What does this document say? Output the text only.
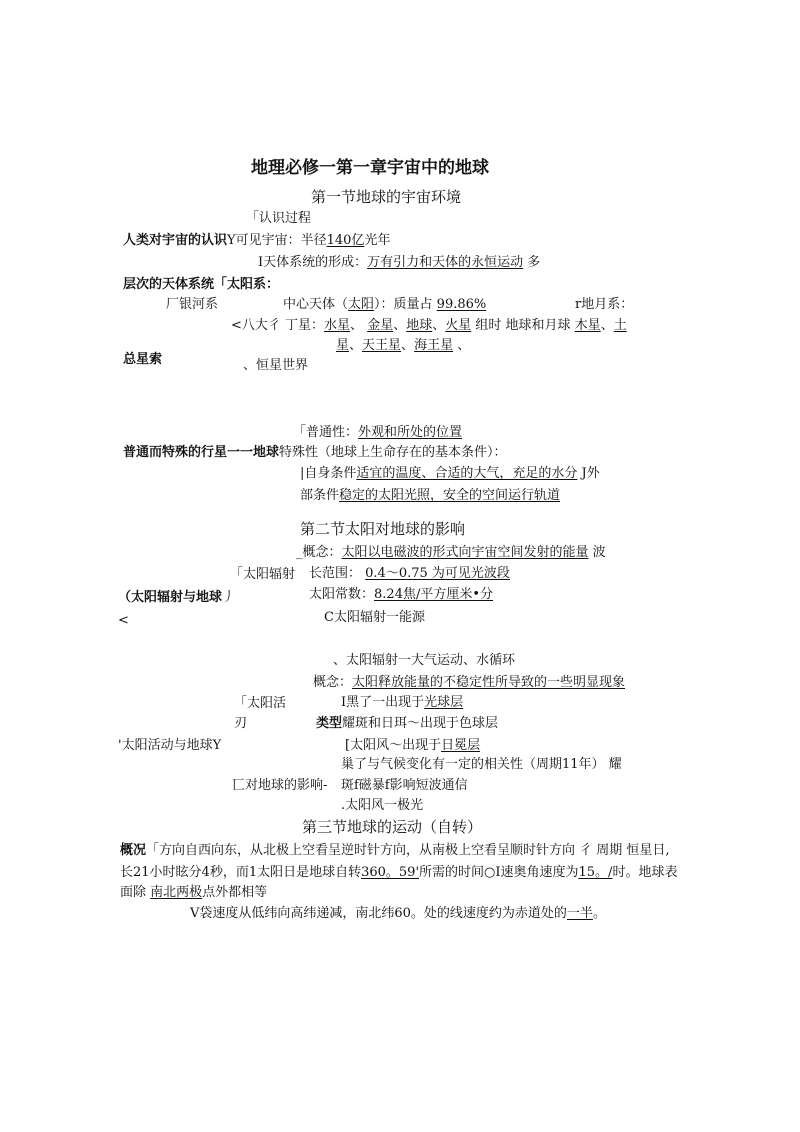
地理必修一第一章宇宙中的地球
第一节地球的宇宙环境
「认识过程
人类对宇宙的认识Y可见宇宙：半径140亿光年
I天体系统的形成：万有引力和天体的永恒运动 多
层次的天体系统「太阳系：
厂银河系	中心天体（太阳）：质量占 99.86%	r地月系：
<八大彳 丁星：水星、 金星、地球、火星 组时 地球和月球 木星、土
星、天王星、海王星 、
总星索	、恒星世界
「普通性：外观和所处的位置
普通而特殊的行星一一地球特殊性（地球上生命存在的基本条件）：
|自身条件适宜的温度、合适的大气，充足的水分 J外
部条件稳定的太阳光照，安全的空间运行轨道
第二节太阳对地球的影响
_概念：太阳以电磁波的形式向宇宙空间发射的能量 波
「太阳辐射 长范围： 0.4～0.75 为可见光波段
（太阳辐射与地球丿	太阳常数：8.24焦/平方厘米•分
<	C太阳辐射一能源
、太阳辐射一大气运动、水循环
概念：太阳释放能量的不稳定性所导致的一些明显现象
「太阳活	I黑了一出现于光球层
刃	类型耀斑和日珥～出现于色球层
'太阳活动与地球Y	[太阳风～出现于日冕层
巢了与气候变化有一定的相关性（周期11年） 耀
匸对地球的影响- 斑f磁暴f影响短波通信
.太阳风一极光
第三节地球的运动（自转）
概况「方向自西向东，从北极上空看呈逆时针方向，从南极上空看呈顺时针方向 彳 周期 恒星日,
长21小时眩分4秒，而1太阳日是地球自转360。59'所需的时间○I速奥角速度为15。/时。地球表
面除 南北两极点外都相等
V袋速度从低纬向高纬递减，南北纬60。处的线速度约为赤道处的一半。
